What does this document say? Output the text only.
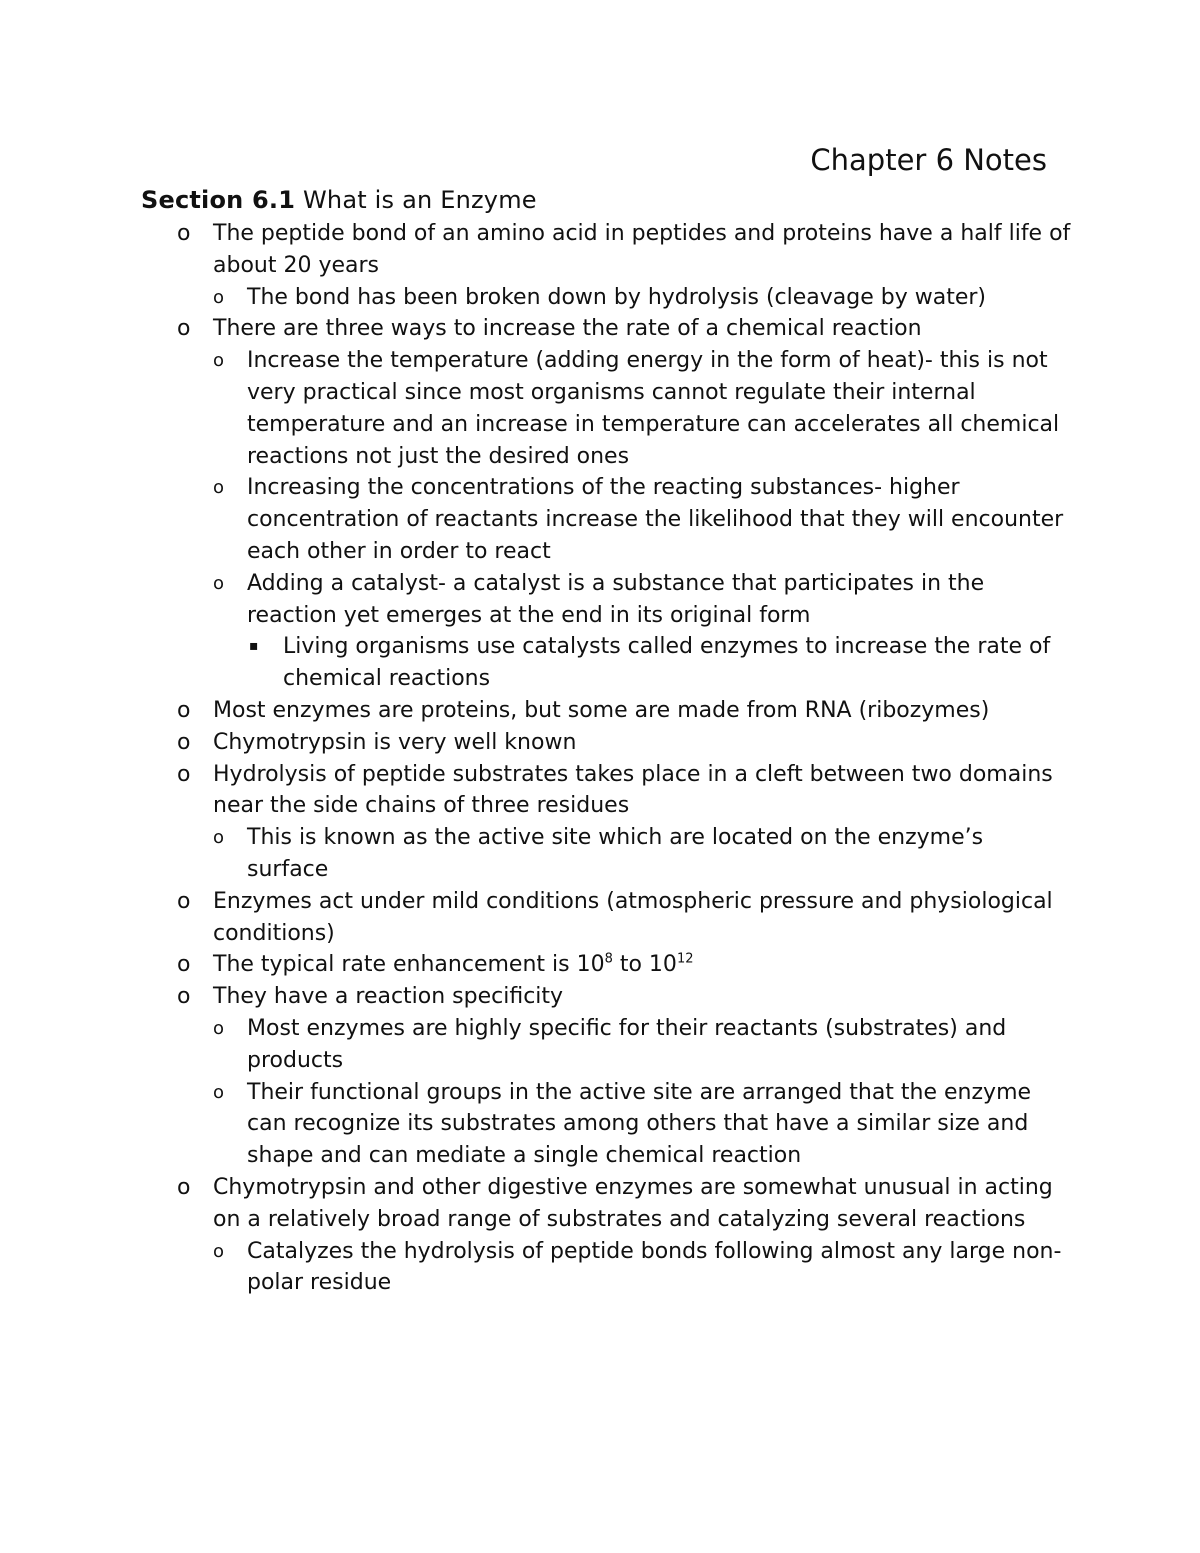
Chapter 6 Notes
Section 6.1 What is an Enzyme
o The peptide bond of an amino acid in peptides and proteins have a half life of about 20 years
o The bond has been broken down by hydrolysis (cleavage by water)
o There are three ways to increase the rate of a chemical reaction
o Increase the temperature (adding energy in the form of heat)- this is not very practical since most organisms cannot regulate their internal temperature and an increase in temperature can accelerates all chemical reactions not just the desired ones
o Increasing the concentrations of the reacting substances- higher concentration of reactants increase the likelihood that they will encounter each other in order to react
o Adding a catalyst- a catalyst is a substance that participates in the reaction yet emerges at the end in its original form
▪ Living organisms use catalysts called enzymes to increase the rate of chemical reactions
o Most enzymes are proteins, but some are made from RNA (ribozymes)
o Chymotrypsin is very well known
o Hydrolysis of peptide substrates takes place in a cleft between two domains near the side chains of three residues
o This is known as the active site which are located on the enzyme’s surface
o Enzymes act under mild conditions (atmospheric pressure and physiological conditions)
o The typical rate enhancement is $10^8$ to $10^{12}$
o They have a reaction specificity
o Most enzymes are highly specific for their reactants (substrates) and products
o Their functional groups in the active site are arranged that the enzyme can recognize its substrates among others that have a similar size and shape and can mediate a single chemical reaction
o Chymotrypsin and other digestive enzymes are somewhat unusual in acting on a relatively broad range of substrates and catalyzing several reactions
o Catalyzes the hydrolysis of peptide bonds following almost any large non-polar residue
